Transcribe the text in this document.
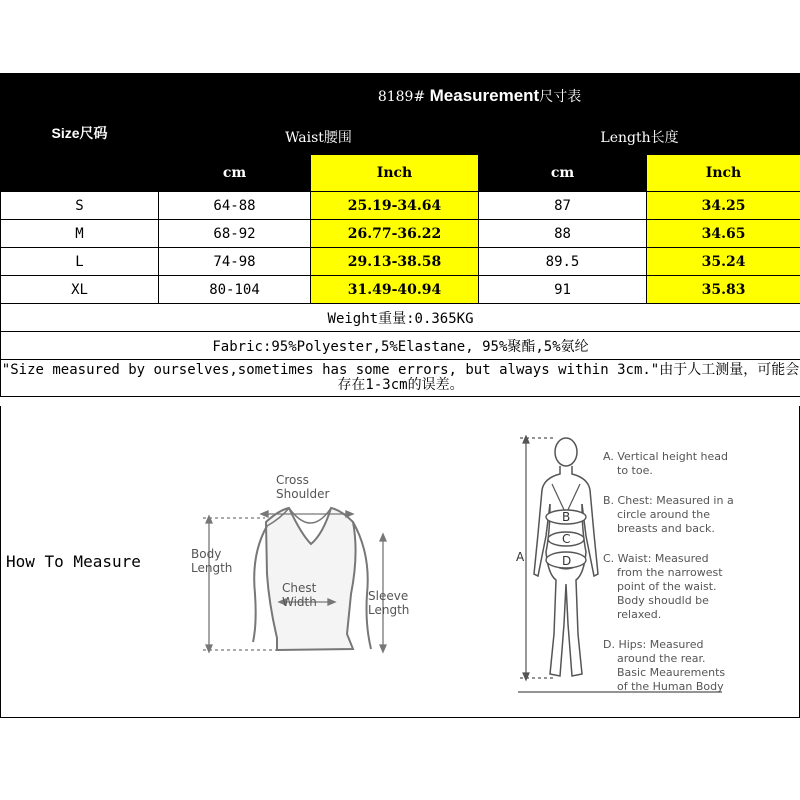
Size尺码	8189# Measurement尺寸表			
	Waist腰围		Length长度	
	cm	Inch	cm	Inch
S	64-88	25.19-34.64	87	34.25
M	68-92	26.77-36.22	88	34.65
L	74-98	29.13-38.58	89.5	35.24
XL	80-104	31.49-40.94	91	35.83
Weight重量:0.365KG				
Fabric:95%Polyester,5%Elastane, 95%聚酯,5%氨纶				
"Size measured by ourselves,sometimes has some errors, but always within 3cm."由于人工测量，可能会存在1-3cm的误差。				
How To Measure
Cross
Shoulder
Body
Length
Chest
Width	Sleeve
Length
A
B
C
D
A. Vertical height head
to toe.
B. Chest: Measured in a
circle around the
breasts and back.
C. Waist: Measured
from the narrowest
point of the waist.
Body shoudld be
relaxed.
D. Hips: Measured
around the rear.
Basic Meaurements
of the Human Body
